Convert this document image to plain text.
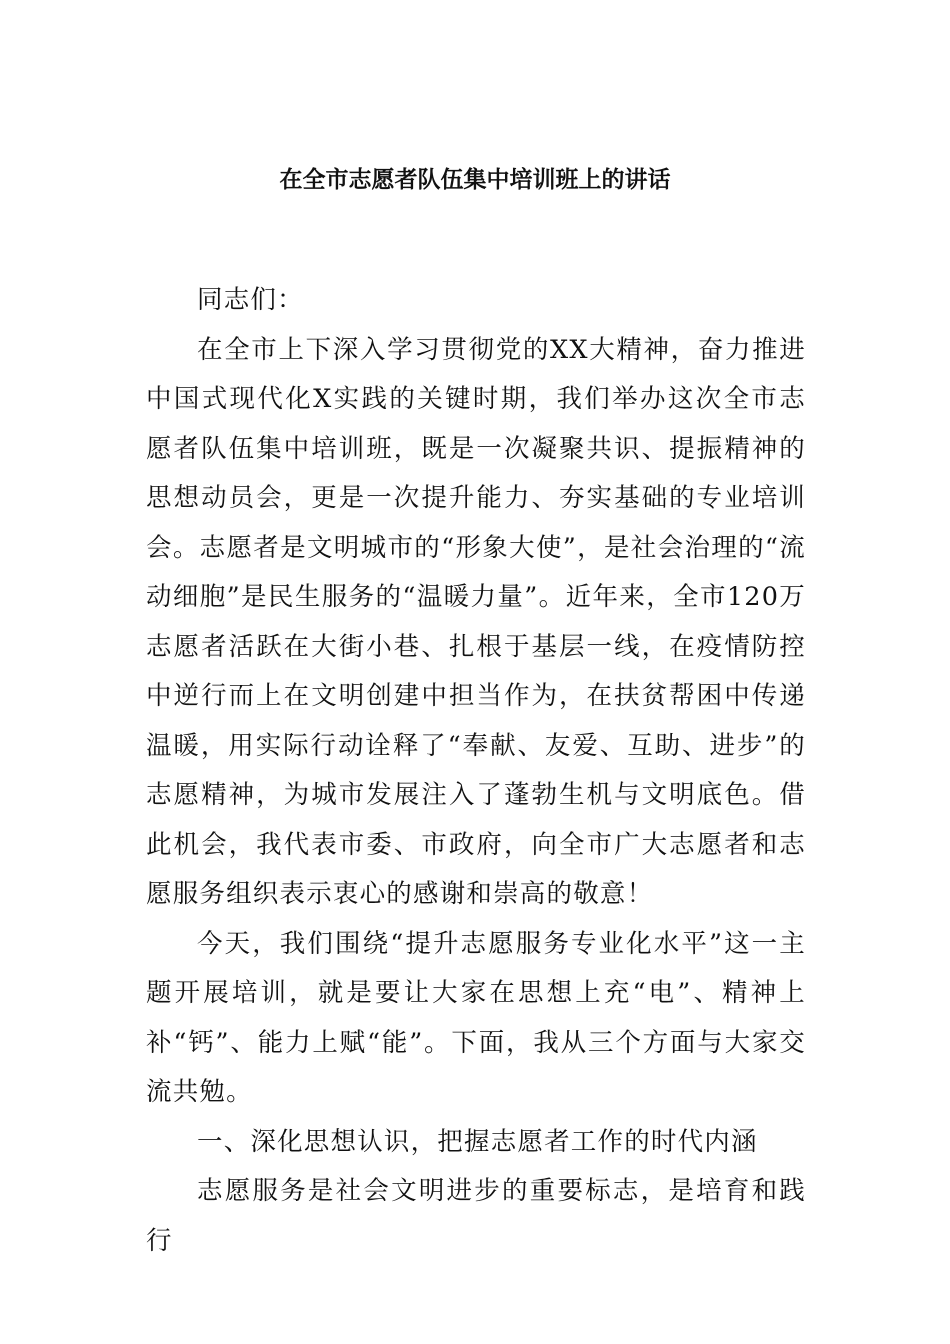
在全市志愿者队伍集中培训班上的讲话

同志们：

在全市上下深入学习贯彻党的XX大精神，奋力推进中国式现代化X实践的关键时期，我们举办这次全市志愿者队伍集中培训班，既是一次凝聚共识、提振精神的思想动员会，更是一次提升能力、夯实基础的专业培训会。志愿者是文明城市的“形象大使”，是社会治理的“流动细胞”是民生服务的“温暖力量”。近年来，全市120万志愿者活跃在大街小巷、扎根于基层一线，在疫情防控中逆行而上在文明创建中担当作为，在扶贫帮困中传递温暖，用实际行动诠释了“奉献、友爱、互助、进步”的志愿精神，为城市发展注入了蓬勃生机与文明底色。借此机会，我代表市委、市政府，向全市广大志愿者和志愿服务组织表示衷心的感谢和崇高的敬意！

今天，我们围绕“提升志愿服务专业化水平”这一主题开展培训，就是要让大家在思想上充“电”、精神上补“钙”、能力上赋“能”。下面，我从三个方面与大家交流共勉。

一、深化思想认识，把握志愿者工作的时代内涵

志愿服务是社会文明进步的重要标志，是培育和践行
